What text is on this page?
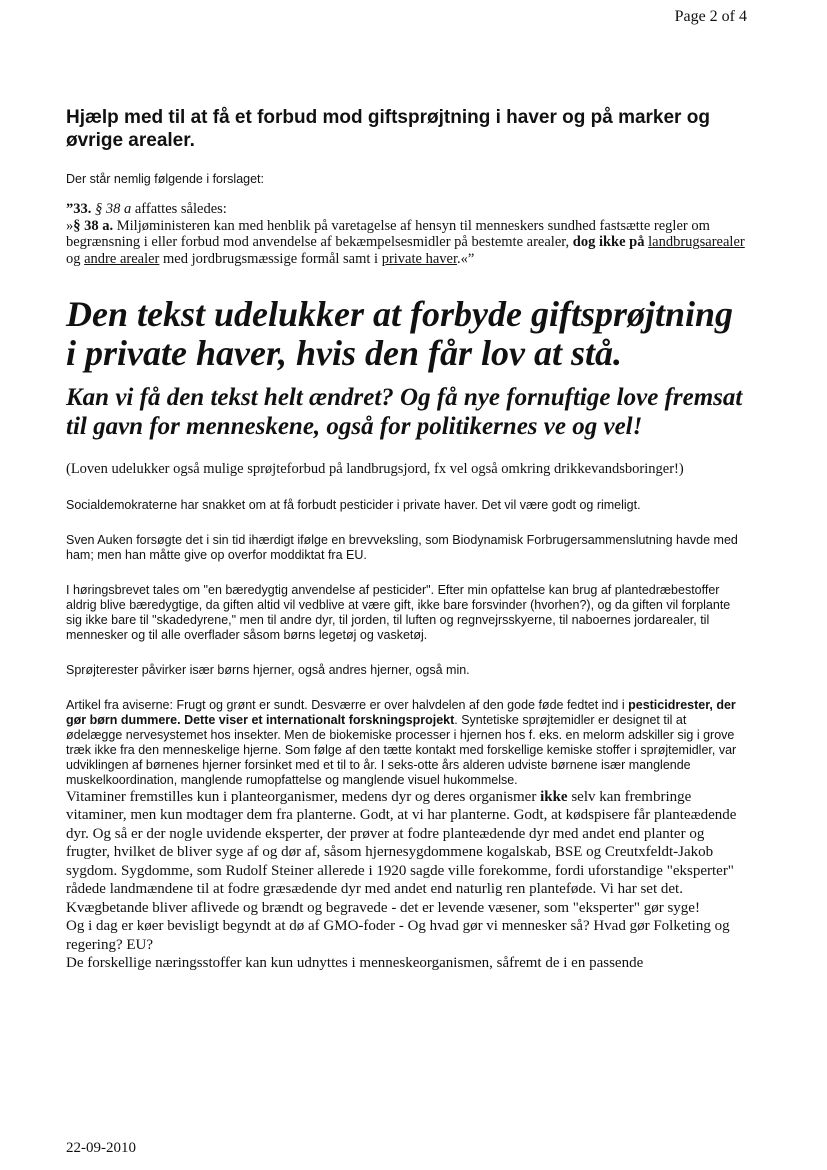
Page 2 of 4
Hjælp med til at få et forbud mod giftsprøjtning i haver og på marker og øvrige arealer.

Der står nemlig følgende i forslaget:

”33. § 38 a affattes således:

»§ 38 a. Miljøministeren kan med henblik på varetagelse af hensyn til menneskers sundhed fastsætte regler om begrænsning i eller forbud mod anvendelse af bekæmpelsesmidler på bestemte arealer, dog ikke på landbrugsarealer og andre arealer med jordbrugsmæssige formål samt i private haver.«”

Den tekst udelukker at forbyde giftsprøjtning i private haver, hvis den får lov at stå.
Kan vi få den tekst helt ændret? Og få nye fornuftige love fremsat til gavn for menneskene, også for politikernes ve og vel!

(Loven udelukker også mulige sprøjteforbud på landbrugsjord, fx vel også omkring drikkevandsboringer!)

Socialdemokraterne har snakket om at få forbudt pesticider i private haver. Det vil være godt og rimeligt.

Sven Auken forsøgte det i sin tid ihærdigt ifølge en brevveksling, som Biodynamisk Forbrugersammenslutning havde med ham; men han måtte give op overfor moddiktat fra EU.

I høringsbrevet tales om "en bæredygtig anvendelse af pesticider". Efter min opfattelse kan brug af plantedræbestoffer aldrig blive bæredygtige, da giften altid vil vedblive at være gift, ikke bare forsvinder (hvorhen?), og da giften vil forplante sig ikke bare til "skadedyrene," men til andre dyr, til jorden, til luften og regnvejrsskyerne, til naboernes jordarealer, til mennesker og til alle overflader såsom børns legetøj og vasketøj.

Sprøjterester påvirker især børns hjerner, også andres hjerner, også min.

Artikel fra aviserne: Frugt og grønt er sundt. Desværre er over halvdelen af den gode føde fedtet ind i pesticidrester, der gør børn dummere. Dette viser et internationalt forskningsprojekt. Syntetiske sprøjtemidler er designet til at ødelægge nervesystemet hos insekter. Men de biokemiske processer i hjernen hos f. eks. en melorm adskiller sig i grove træk ikke fra den menneskelige hjerne. Som følge af den tætte kontakt med forskellige kemiske stoffer i sprøjtemidler, var udviklingen af børnenes hjerner forsinket med et til to år. I seks-otte års alderen udviste børnene især manglende muskelkoordination, manglende rumopfattelse og manglende visuel hukommelse.

Vitaminer fremstilles kun i planteorganismer, medens dyr og deres organismer ikke selv kan frembringe vitaminer, men kun modtager dem fra planterne. Godt, at vi har planterne. Godt, at kødspisere får planteædende dyr. Og så er der nogle uvidende eksperter, der prøver at fodre planteædende dyr med andet end planter og frugter, hvilket de bliver syge af og dør af, såsom hjernesygdommene kogalskab, BSE og Creutxfeldt-Jakob sygdom. Sygdomme, som Rudolf Steiner allerede i 1920 sagde ville forekomme, fordi uforstandige "eksperter" rådede landmændene til at fodre græsædende dyr med andet end naturlig ren planteføde. Vi har set det. Kvægbetande bliver aflivede og brændt og begravede - det er levende væsener, som "eksperter" gør syge!

Og i dag er køer bevisligt begyndt at dø af GMO-foder - Og hvad gør vi mennesker så? Hvad gør Folketing og regering? EU?

De forskellige næringsstoffer kan kun udnyttes i menneskeorganismen, såfremt de i en passende

22-09-2010
